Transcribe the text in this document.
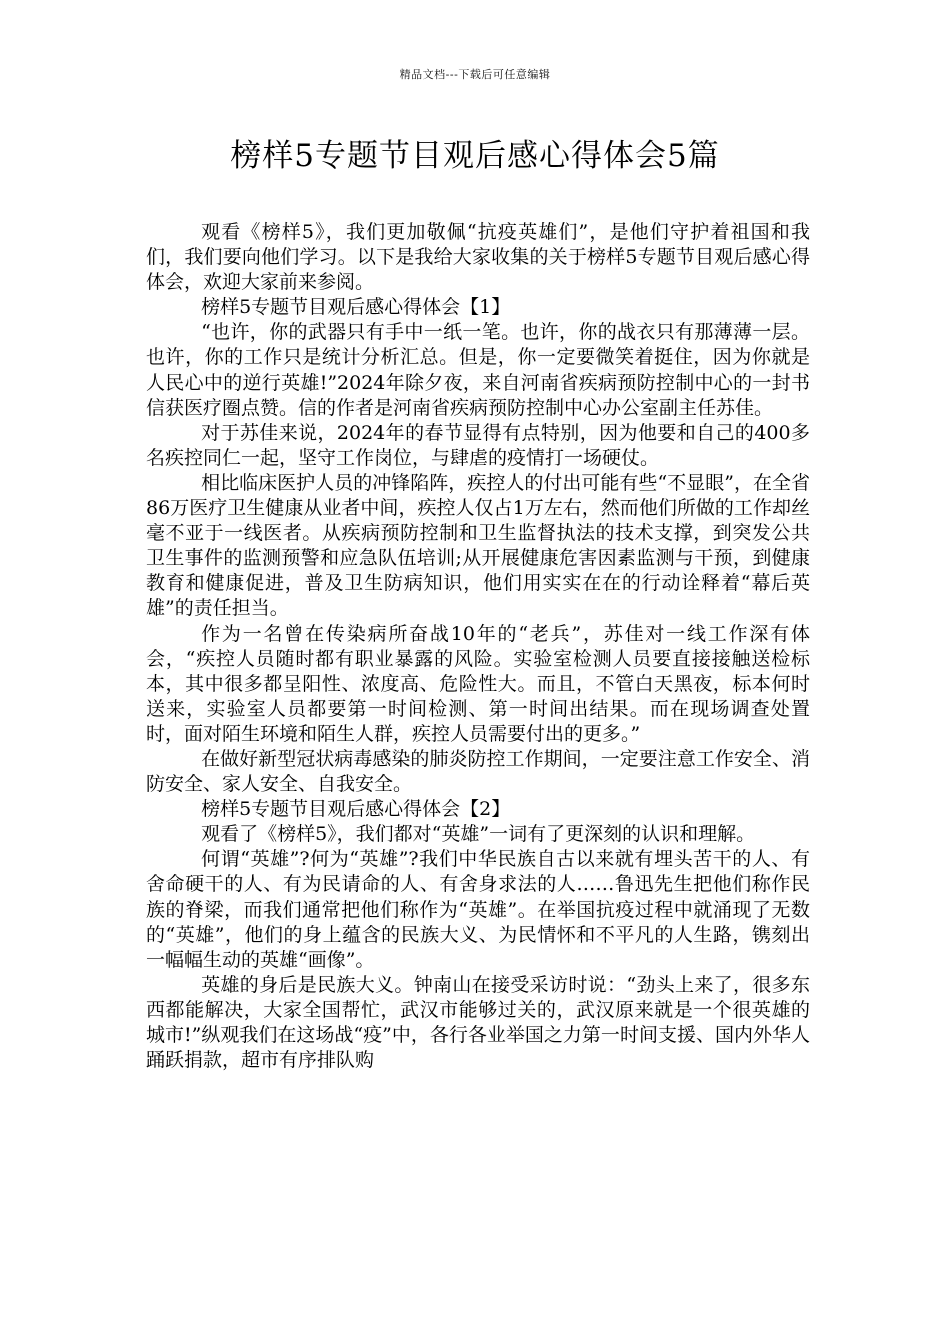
精品文档---下载后可任意编辑
榜样5专题节目观后感心得体会5篇

观看《榜样5》，我们更加敬佩“抗疫英雄们”，是他们守护着祖国和我们，我们要向他们学习。以下是我给大家收集的关于榜样5专题节目观后感心得体会，欢迎大家前来参阅。

榜样5专题节目观后感心得体会【1】

“也许，你的武器只有手中一纸一笔。也许，你的战衣只有那薄薄一层。也许，你的工作只是统计分析汇总。但是，你一定要微笑着挺住，因为你就是人民心中的逆行英雄!”2024年除夕夜，来自河南省疾病预防控制中心的一封书信获医疗圈点赞。信的作者是河南省疾病预防控制中心办公室副主任苏佳。

对于苏佳来说，2024年的春节显得有点特别，因为他要和自己的400多名疾控同仁一起，坚守工作岗位，与肆虐的疫情打一场硬仗。

相比临床医护人员的冲锋陷阵，疾控人的付出可能有些“不显眼”，在全省86万医疗卫生健康从业者中间，疾控人仅占1万左右，然而他们所做的工作却丝毫不亚于一线医者。从疾病预防控制和卫生监督执法的技术支撑，到突发公共卫生事件的监测预警和应急队伍培训;从开展健康危害因素监测与干预，到健康教育和健康促进，普及卫生防病知识，他们用实实在在的行动诠释着“幕后英雄”的责任担当。

作为一名曾在传染病所奋战10年的“老兵”，苏佳对一线工作深有体会，“疾控人员随时都有职业暴露的风险。实验室检测人员要直接接触送检标本，其中很多都呈阳性、浓度高、危险性大。而且，不管白天黑夜，标本何时送来，实验室人员都要第一时间检测、第一时间出结果。而在现场调查处置时，面对陌生环境和陌生人群，疾控人员需要付出的更多。”

在做好新型冠状病毒感染的肺炎防控工作期间，一定要注意工作安全、消防安全、家人安全、自我安全。

榜样5专题节目观后感心得体会【2】

观看了《榜样5》，我们都对“英雄”一词有了更深刻的认识和理解。

何谓“英雄”?何为“英雄”?我们中华民族自古以来就有埋头苦干的人、有舍命硬干的人、有为民请命的人、有舍身求法的人……鲁迅先生把他们称作民族的脊梁，而我们通常把他们称作为“英雄”。在举国抗疫过程中就涌现了无数的“英雄”，他们的身上蕴含的民族大义、为民情怀和不平凡的人生路，镌刻出一幅幅生动的英雄“画像”。

英雄的身后是民族大义。钟南山在接受采访时说：“劲头上来了，很多东西都能解决，大家全国帮忙，武汉市能够过关的，武汉原来就是一个很英雄的城市!”纵观我们在这场战“疫”中，各行各业举国之力第一时间支援、国内外华人踊跃捐款，超市有序排队购
